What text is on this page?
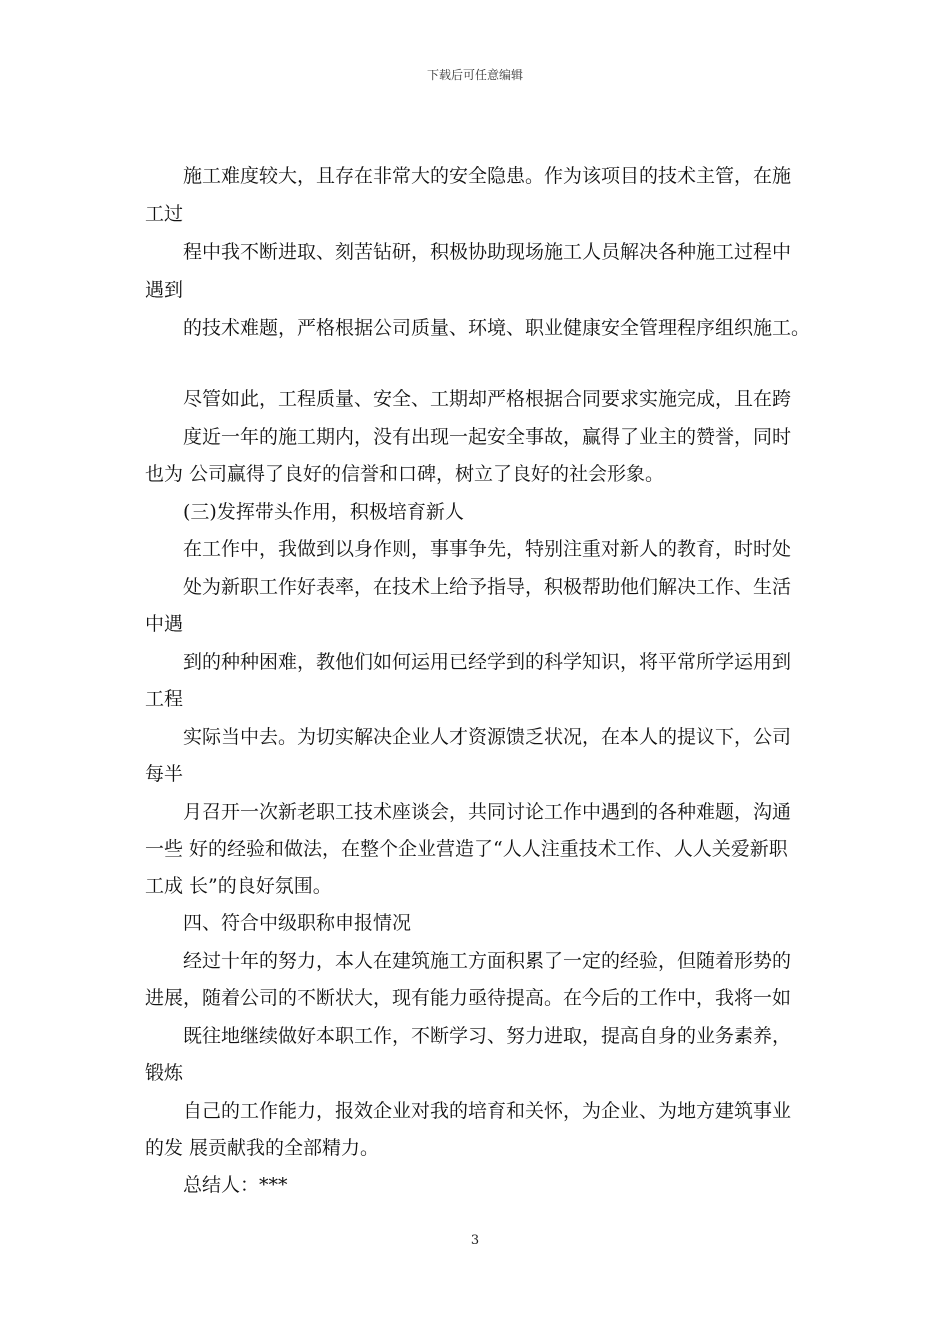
下载后可任意编辑
施工难度较大，且存在非常大的安全隐患。作为该项目的技术主管，在施
工过
程中我不断进取、刻苦钻研，积极协助现场施工人员解决各种施工过程中
遇到
的技术难题，严格根据公司质量、环境、职业健康安全管理程序组织施工。
尽管如此，工程质量、安全、工期却严格根据合同要求实施完成，且在跨
度近一年的施工期内，没有出现一起安全事故，赢得了业主的赞誉，同时
也为 公司赢得了良好的信誉和口碑，树立了良好的社会形象。
(三)发挥带头作用，积极培育新人
在工作中，我做到以身作则，事事争先，特别注重对新人的教育，时时处
处为新职工作好表率，在技术上给予指导，积极帮助他们解决工作、生活
中遇
到的种种困难，教他们如何运用已经学到的科学知识，将平常所学运用到
工程
实际当中去。为切实解决企业人才资源馈乏状况，在本人的提议下，公司
每半
月召开一次新老职工技术座谈会，共同讨论工作中遇到的各种难题，沟通
一些 好的经验和做法，在整个企业营造了“人人注重技术工作、人人关爱新职
工成 长”的良好氛围。
四、符合中级职称申报情况
经过十年的努力，本人在建筑施工方面积累了一定的经验，但随着形势的
进展，随着公司的不断状大，现有能力亟待提高。在今后的工作中，我将一如
既往地继续做好本职工作，不断学习、努力进取，提高自身的业务素养，
锻炼
自己的工作能力，报效企业对我的培育和关怀，为企业、为地方建筑事业
的发 展贡献我的全部精力。
总结人：***
3
